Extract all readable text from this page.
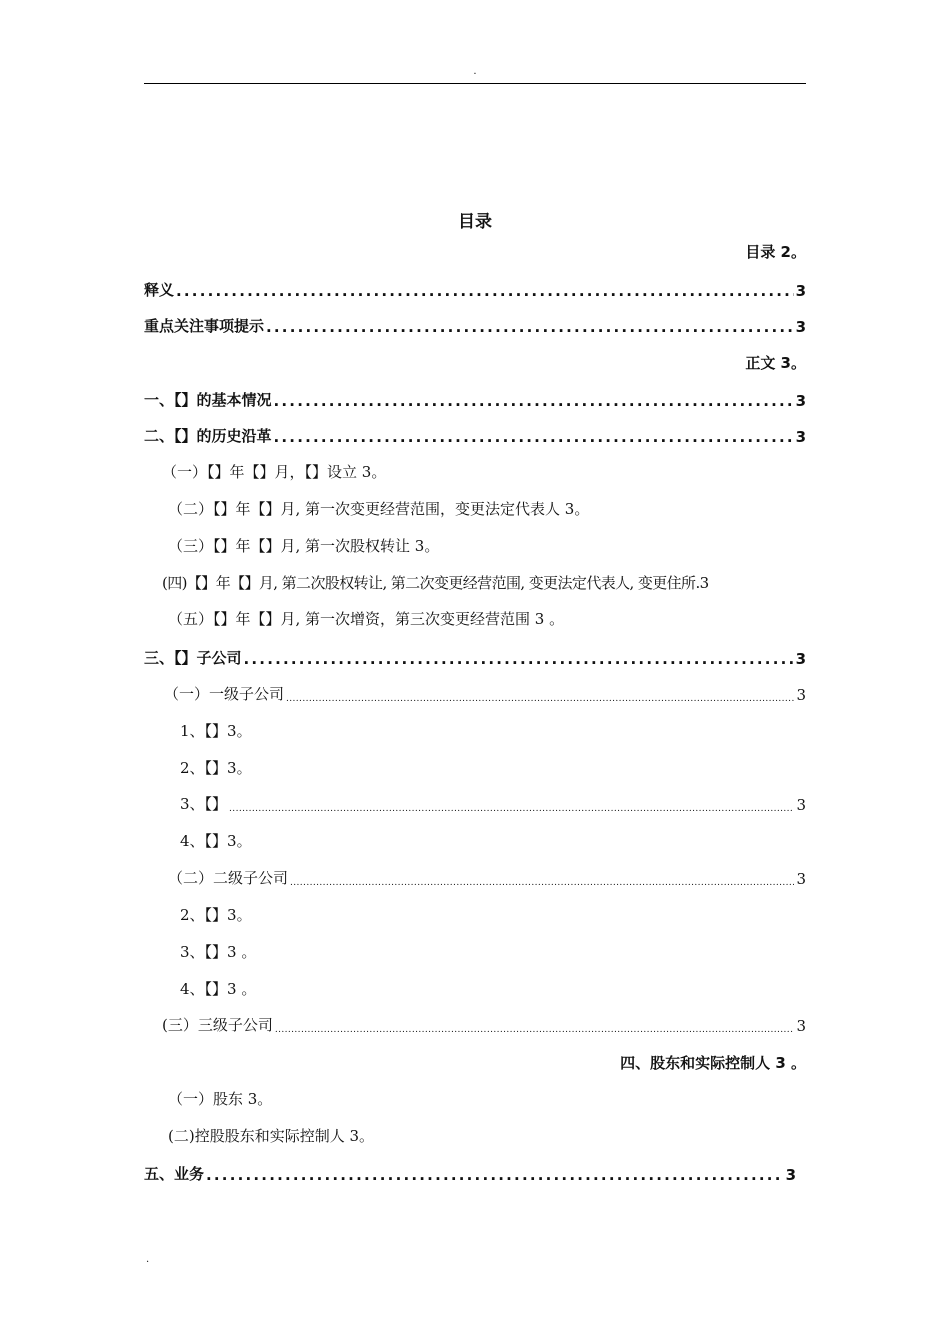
.
目录
目录 2。
释义 .....	3
重点关注事项提示 .....	3
正文 3。
一、【】的基本情况 .....	3
二、【】的历史沿革 .....	3
（一）【】年【】月，【】设立 3。
（二）【】年【】月, 第一次变更经营范围，变更法定代表人 3。
（三）【】年【】月, 第一次股权转让 3。
(四)【】年【】月, 第二次股权转让, 第二次变更经营范围, 变更法定代表人, 变更住所.3
（五）【】年【】月, 第一次增资，第三次变更经营范围 3 。
三、【】子公司 .....	3
（一）一级子公司 .....	3
1、【】3。
2、【】3。
3、【】 .....	3
4、【】3。
（二）二级子公司 .....	3
2、【】3。
3、【】3 。
4、【】3 。
(三）三级子公司 .....	3
四、股东和实际控制人 3 。
（一）股东 3。
(二)控股股东和实际控制人 3。
五、业务 .....	3
.
